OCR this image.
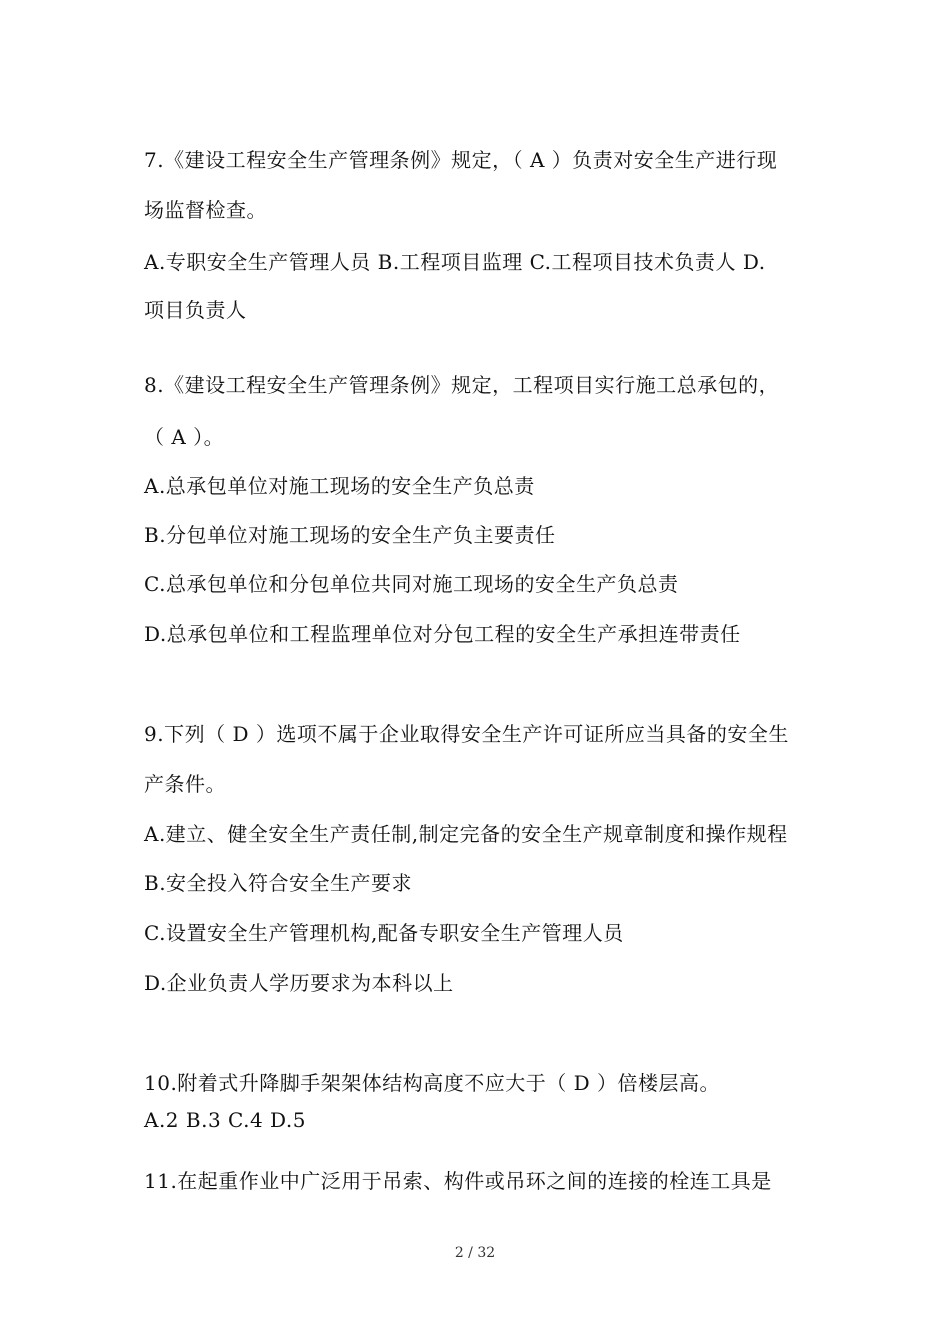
7.《建设工程安全生产管理条例》规定，（ A ）负责对安全生产进行现
场监督检查。
A.专职安全生产管理人员 B.工程项目监理 C.工程项目技术负责人 D.
项目负责人
8.《建设工程安全生产管理条例》规定，工程项目实行施工总承包的，
（ A ）。
A.总承包单位对施工现场的安全生产负总责
B.分包单位对施工现场的安全生产负主要责任
C.总承包单位和分包单位共同对施工现场的安全生产负总责
D.总承包单位和工程监理单位对分包工程的安全生产承担连带责任
9.下列（ D ）选项不属于企业取得安全生产许可证所应当具备的安全生
产条件。
A.建立、健全安全生产责任制,制定完备的安全生产规章制度和操作规程
B.安全投入符合安全生产要求
C.设置安全生产管理机构,配备专职安全生产管理人员
D.企业负责人学历要求为本科以上
10.附着式升降脚手架架体结构高度不应大于（ D ）倍楼层高。
A.2 B.3 C.4 D.5
11.在起重作业中广泛用于吊索、构件或吊环之间的连接的栓连工具是
2 / 32
